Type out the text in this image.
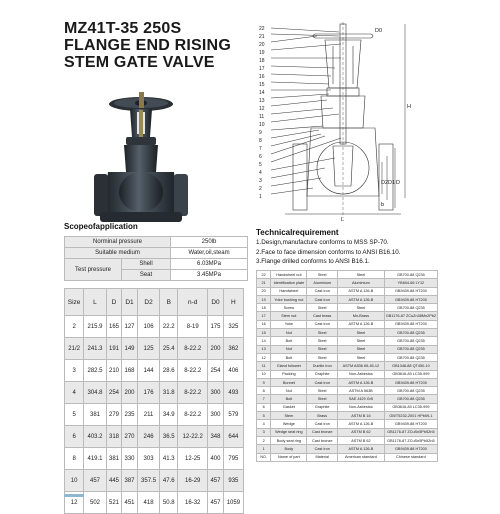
MZ41T-35 250S
FLANGE END RISING
STEM GATE VALVE
22
21
20
19
18
17
16
15
14
13
12
11
10
9
8
7
6
5
4
3
2
1
H
D
D1
D2
b
L
D0
Scopeofapplication
Norminal pressure		250lb
Suitable medium		Water,oil,steam
Test pressure	Shell	6.03MPa
	Seat	3.45MPa
Size	L	D	D1	D2	B	n-d	D0	H
2	215.9	165	127	106	22.2	8-19	175	325
21/2	241.3	191	149	125	25.4	8-22.2	200	362
3	282.5	210	168	144	28.6	8-22.2	254	406
4	304.8	254	200	176	31.8	8-22.2	300	493
5	381	279	235	211	34.9	8-22.2	300	579
6	403.2	318	270	246	36.5	12-22.2	348	644
8	419.1	381	330	303	41.3	12-25	400	795
10	457	445	387	357.5	47.6	16-29	457	935
12	502	521	451	418	50.8	16-32	457	1059
Technicalrequirement
1.Design,manufacture conforms to MSS SP-70.
2.Face to face dimension conforms to ANSI B16.10.
3.Flange drilled conforms to ANSI B16.1.
22	Handwheel nut	Steel	Steel	GB700-88 Q235
21	Identification plate	Aluminium	Aluminium	YB604-66 LY12
20	Handwheel	Cast iron	ASTM A 126-B	GB9439-88 HT200
19	Yoke bushing nut	Cast iron	ASTM A 126-B	GB9439-88 HT200
18	Screw	Steel	Steel	GB700-88 Q235
17	Stem nut	Cast brass	Mn-Brass	GB1176-87 ZCuZn38Mn2Pb2
16	Yoke	Cast iron	ASTM A 126-B	GB9439-88 HT200
15	Nut	Steel	Steel	GB700-88 Q235
14	Bolt	Steel	Steel	GB700-88 Q235
13	Nut	Steel	Steel	GB700-88 Q235
12	Bolt	Steel	Steel	GB700-88 Q235
11	Gland follower	Ductile iron	ASTM A536 65-45-12	GB1348-88 QT450-10
10	Packing	Graphite	Non-Asbestos	GB3616-83 LC35-999
9	Bonnet	Cast iron	ASTM A 126-B	GB9439-88 HT200
8	Nut	Steel	ASTM A 563B	GB700-88 Q235
7	Bolt	Steel	SAE J429 Gr5	GB700-88 Q235
6	Gasket	Graphite	Non-Asbestos	GB3616-83 LC35-999
5	Stem	Brass	ASTM B 16	GB/T5232-2001 HPb59-1
4	Wedge	Cast iron	ASTM A 126-B	GB9439-88 HT200
3	Wedge seat ring	Cast bronze	ASTM B 62	GB1176-87 ZCuSn5Pb5Zn5
2	Body seat ring	Cast bronze	ASTM B 62	GB1176-87 ZCuSn5Pb5Zn5
1	Body	Cast iron	ASTM A 126-B	GB9439-88 HT200
NO.	Name of part	Material	American standard	Chinese standard
